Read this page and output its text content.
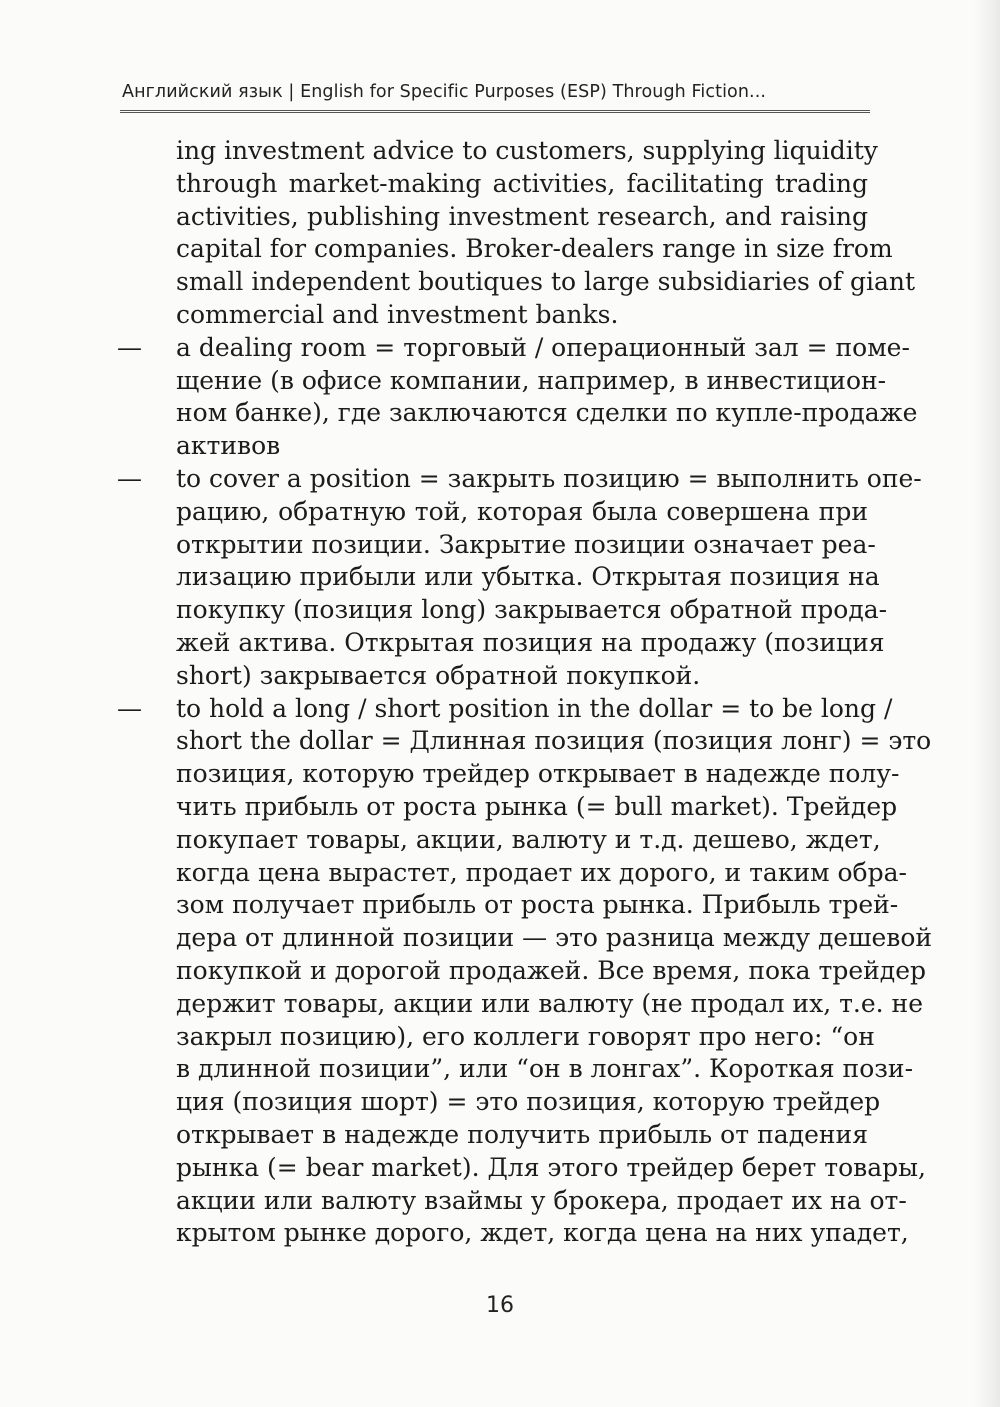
Английский язык | English for Specific Purposes (ESP) Through Fiction...
ing investment advice to customers, supplying liquidity
through market-making activities, facilitating trading
activities, publishing investment research, and raising
capital for companies. Broker-dealers range in size from
small independent boutiques to large subsidiaries of giant
commercial and investment banks.
— a dealing room = торговый / операционный зал = поме-
щение (в офисе компании, например, в инвестицион-
ном банке), где заключаются сделки по купле-продаже
активов
— to cover a position = закрыть позицию = выполнить опе-
рацию, обратную той, которая была совершена при
открытии позиции. Закрытие позиции означает реа-
лизацию прибыли или убытка. Открытая позиция на
покупку (позиция long) закрывается обратной прода-
жей актива. Открытая позиция на продажу (позиция
short) закрывается обратной покупкой.
— to hold a long / short position in the dollar = to be long /
short the dollar = Длинная позиция (позиция лонг) = это
позиция, которую трейдер открывает в надежде полу-
чить прибыль от роста рынка (= bull market). Трейдер
покупает товары, акции, валюту и т.д. дешево, ждет,
когда цена вырастет, продает их дорого, и таким обра-
зом получает прибыль от роста рынка. Прибыль трей-
дера от длинной позиции — это разница между дешевой
покупкой и дорогой продажей. Все время, пока трейдер
держит товары, акции или валюту (не продал их, т.е. не
закрыл позицию), его коллеги говорят про него: “он
в длинной позиции”, или “он в лонгах”. Короткая пози-
ция (позиция шорт) = это позиция, которую трейдер
открывает в надежде получить прибыль от падения
рынка (= bear market). Для этого трейдер берет товары,
акции или валюту взаймы у брокера, продает их на от-
крытом рынке дорого, ждет, когда цена на них упадет,
16
